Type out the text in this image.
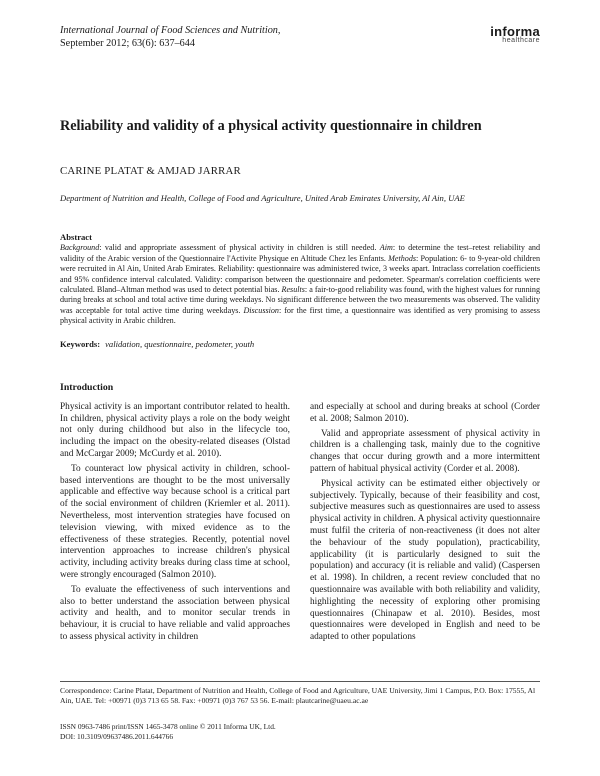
International Journal of Food Sciences and Nutrition,
September 2012; 63(6): 637–644
informa
healthcare
Reliability and validity of a physical activity questionnaire in children
CARINE PLATAT & AMJAD JARRAR
Department of Nutrition and Health, College of Food and Agriculture, United Arab Emirates University, Al Ain, UAE
Abstract
Background: valid and appropriate assessment of physical activity in children is still needed. Aim: to determine the test–retest reliability and validity of the Arabic version of the Questionnaire l'Activite Physique en Altitude Chez les Enfants. Methods: Population: 6- to 9-year-old children were recruited in Al Ain, United Arab Emirates. Reliability: questionnaire was administered twice, 3 weeks apart. Intraclass correlation coefficients and 95% confidence interval calculated. Validity: comparison between the questionnaire and pedometer. Spearman's correlation coefficients were calculated. Bland–Altman method was used to detect potential bias. Results: a fair-to-good reliability was found, with the highest values for running during breaks at school and total active time during weekdays. No significant difference between the two measurements was observed. The validity was acceptable for total active time during weekdays. Discussion: for the first time, a questionnaire was identified as very promising to assess physical activity in Arabic children.
Keywords: validation, questionnaire, pedometer, youth
Introduction

Physical activity is an important contributor related to health. In children, physical activity plays a role on the body weight not only during childhood but also in the lifecycle too, including the impact on the obesity-related diseases (Olstad and McCargar 2009; McCurdy et al. 2010).

To counteract low physical activity in children, school-based interventions are thought to be the most universally applicable and effective way because school is a critical part of the social environment of children (Kriemler et al. 2011). Nevertheless, most intervention strategies have focused on television viewing, with mixed evidence as to the effectiveness of these strategies. Recently, potential novel intervention approaches to increase children's physical activity, including activity breaks during class time at school, were strongly encouraged (Salmon 2010).

To evaluate the effectiveness of such interventions and also to better understand the association between physical activity and health, and to monitor secular trends in behaviour, it is crucial to have reliable and valid approaches to assess physical activity in children

and especially at school and during breaks at school (Corder et al. 2008; Salmon 2010).

Valid and appropriate assessment of physical activity in children is a challenging task, mainly due to the cognitive changes that occur during growth and a more intermittent pattern of habitual physical activity (Corder et al. 2008).

Physical activity can be estimated either objectively or subjectively. Typically, because of their feasibility and cost, subjective measures such as questionnaires are used to assess physical activity in children. A physical activity questionnaire must fulfil the criteria of non-reactiveness (it does not alter the behaviour of the study population), practicability, applicability (it is particularly designed to suit the population) and accuracy (it is reliable and valid) (Caspersen et al. 1998). In children, a recent review concluded that no questionnaire was available with both reliability and validity, highlighting the necessity of exploring other promising questionnaires (Chinapaw et al. 2010). Besides, most questionnaires were developed in English and need to be adapted to other populations

Correspondence: Carine Platat, Department of Nutrition and Health, College of Food and Agriculture, UAE University, Jimi 1 Campus, P.O. Box: 17555, Al Ain, UAE. Tel: +00971 (0)3 713 65 58. Fax: +00971 (0)3 767 53 56. E-mail: plautcarine@uaeu.ac.ae
ISSN 0963-7486 print/ISSN 1465-3478 online © 2011 Informa UK, Ltd.
DOI: 10.3109/09637486.2011.644766
